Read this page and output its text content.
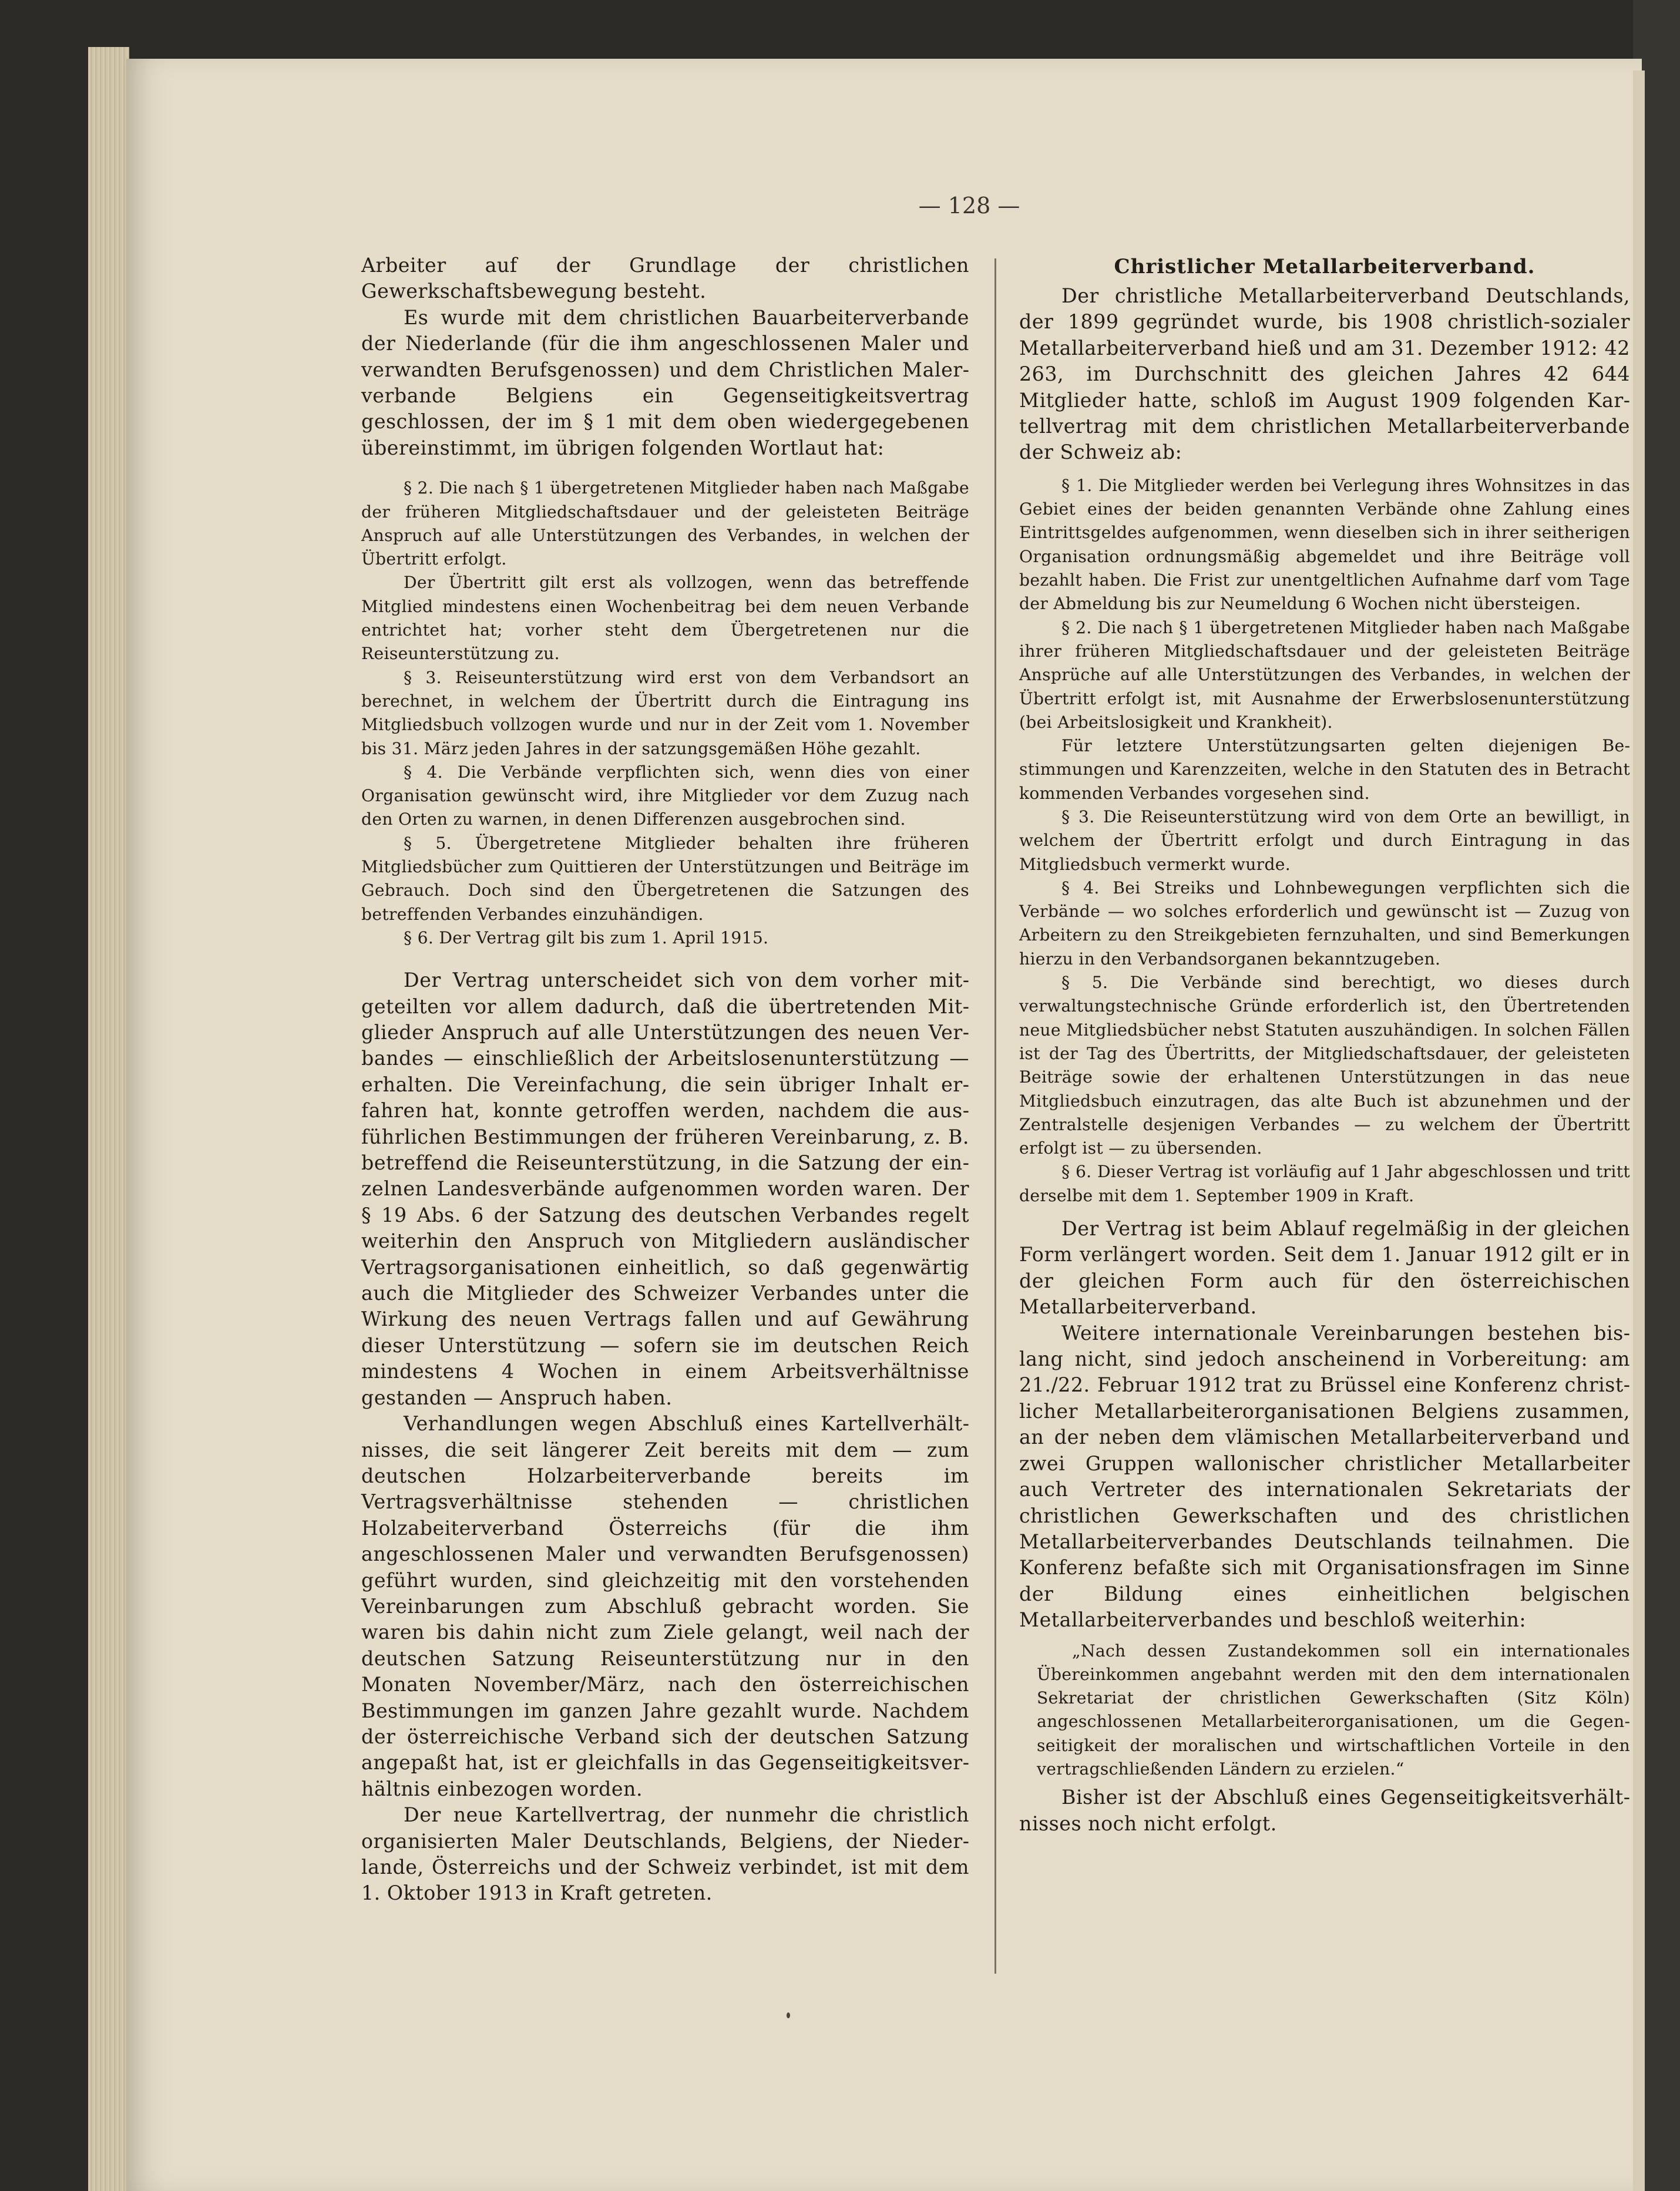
— 128 —

Arbeiter auf der Grundlage der christlichen Gewerkschaftsbewegung besteht.

Es wurde mit dem christlichen Bauarbeiterverbande der Niederlande (für die ihm angeschlossenen Maler und verwandten Berufsgenossen) und dem Christlichen Malerverbande Belgiens ein Gegenseitigkeitsvertrag geschlossen, der im § 1 mit dem oben wiedergegebenen übereinstimmt, im übrigen folgenden Wortlaut hat:

§ 2. Die nach § 1 übergetretenen Mitglieder haben nach Maßgabe der früheren Mitgliedschaftsdauer und der geleisteten Beiträge Anspruch auf alle Unterstützungen des Verbandes, in welchen der Übertritt erfolgt.

Der Übertritt gilt erst als vollzogen, wenn das betreffende Mitglied mindestens einen Wochenbeitrag bei dem neuen Verbande entrichtet hat; vorher steht dem Übergetretenen nur die Reiseunterstützung zu.

§ 3. Reiseunterstützung wird erst von dem Verbandsort an berechnet, in welchem der Übertritt durch die Eintragung ins Mitgliedsbuch vollzogen wurde und nur in der Zeit vom 1. November bis 31. März jeden Jahres in der satzungsgemäßen Höhe gezahlt.

§ 4. Die Verbände verpflichten sich, wenn dies von einer Organisation gewünscht wird, ihre Mitglieder vor dem Zuzug nach den Orten zu warnen, in denen Differenzen ausgebrochen sind.

§ 5. Übergetretene Mitglieder behalten ihre früheren Mitgliedsbücher zum Quittieren der Unterstützungen und Beiträge im Gebrauch. Doch sind den Übergetretenen die Satzungen des betreffenden Verbandes einzuhändigen.

§ 6. Der Vertrag gilt bis zum 1. April 1915.

Der Vertrag unterscheidet sich von dem vorher mitgeteilten vor allem dadurch, daß die übertretenden Mitglieder Anspruch auf alle Unterstützungen des neuen Verbandes — einschließlich der Arbeitslosenunterstützung — erhalten. Die Vereinfachung, die sein übriger Inhalt erfahren hat, konnte getroffen werden, nachdem die ausführlichen Bestimmungen der früheren Vereinbarung, z. B. betreffend die Reiseunterstützung, in die Satzung der einzelnen Landesverbände aufgenommen worden waren. Der § 19 Abs. 6 der Satzung des deutschen Verbandes regelt weiterhin den Anspruch von Mitgliedern ausländischer Vertragsorganisationen einheitlich, so daß gegenwärtig auch die Mitglieder des Schweizer Verbandes unter die Wirkung des neuen Vertrags fallen und auf Gewährung dieser Unterstützung — sofern sie im deutschen Reich mindestens 4 Wochen in einem Arbeitsverhältnisse gestanden — Anspruch haben.

Verhandlungen wegen Abschluß eines Kartellverhältnisses, die seit längerer Zeit bereits mit dem — zum deutschen Holzarbeiterverbande bereits im Vertragsverhältnisse stehenden — christlichen Holzabeiterverband Österreichs (für die ihm angeschlossenen Maler und verwandten Berufsgenossen) geführt wurden, sind gleichzeitig mit den vorstehenden Vereinbarungen zum Abschluß gebracht worden. Sie waren bis dahin nicht zum Ziele gelangt, weil nach der deutschen Satzung Reiseunterstützung nur in den Monaten November/März, nach den österreichischen Bestimmungen im ganzen Jahre gezahlt wurde. Nachdem der österreichische Verband sich der deutschen Satzung angepaßt hat, ist er gleichfalls in das Gegenseitigkeitsverhältnis einbezogen worden.

Der neue Kartellvertrag, der nunmehr die christlich organisierten Maler Deutschlands, Belgiens, der Niederlande, Österreichs und der Schweiz verbindet, ist mit dem 1. Oktober 1913 in Kraft getreten.

Christlicher Metallarbeiterverband.

Der christliche Metallarbeiterverband Deutschlands, der 1899 gegründet wurde, bis 1908 christlich-sozialer Metallarbeiterverband hieß und am 31. Dezember 1912: 42 263, im Durchschnitt des gleichen Jahres 42 644 Mitglieder hatte, schloß im August 1909 folgenden Kartellvertrag mit dem christlichen Metallarbeiterverbande der Schweiz ab:

§ 1. Die Mitglieder werden bei Verlegung ihres Wohnsitzes in das Gebiet eines der beiden genannten Verbände ohne Zahlung eines Eintrittsgeldes aufgenommen, wenn dieselben sich in ihrer seitherigen Organisation ordnungsmäßig abgemeldet und ihre Beiträge voll bezahlt haben. Die Frist zur unentgeltlichen Aufnahme darf vom Tage der Abmeldung bis zur Neumeldung 6 Wochen nicht übersteigen.

§ 2. Die nach § 1 übergetretenen Mitglieder haben nach Maßgabe ihrer früheren Mitgliedschaftsdauer und der geleisteten Beiträge Ansprüche auf alle Unterstützungen des Verbandes, in welchen der Übertritt erfolgt ist, mit Ausnahme der Erwerbslosenunterstützung (bei Arbeitslosigkeit und Krankheit).

Für letztere Unterstützungsarten gelten diejenigen Bestimmungen und Karenzzeiten, welche in den Statuten des in Betracht kommenden Verbandes vorgesehen sind.

§ 3. Die Reiseunterstützung wird von dem Orte an bewilligt, in welchem der Übertritt erfolgt und durch Eintragung in das Mitgliedsbuch vermerkt wurde.

§ 4. Bei Streiks und Lohnbewegungen verpflichten sich die Verbände — wo solches erforderlich und gewünscht ist — Zuzug von Arbeitern zu den Streikgebieten fernzuhalten, und sind Bemerkungen hierzu in den Verbandsorganen bekanntzugeben.

§ 5. Die Verbände sind berechtigt, wo dieses durch verwaltungstechnische Gründe erforderlich ist, den Übertretenden neue Mitgliedsbücher nebst Statuten auszuhändigen. In solchen Fällen ist der Tag des Übertritts, der Mitgliedschaftsdauer, der geleisteten Beiträge sowie der erhaltenen Unterstützungen in das neue Mitgliedsbuch einzutragen, das alte Buch ist abzunehmen und der Zentralstelle desjenigen Verbandes — zu welchem der Übertritt erfolgt ist — zu übersenden.

§ 6. Dieser Vertrag ist vorläufig auf 1 Jahr abgeschlossen und tritt derselbe mit dem 1. September 1909 in Kraft.

Der Vertrag ist beim Ablauf regelmäßig in der gleichen Form verlängert worden. Seit dem 1. Januar 1912 gilt er in der gleichen Form auch für den österreichischen Metallarbeiterverband.

Weitere internationale Vereinbarungen bestehen bislang nicht, sind jedoch anscheinend in Vorbereitung: am 21./22. Februar 1912 trat zu Brüssel eine Konferenz christlicher Metallarbeiterorganisationen Belgiens zusammen, an der neben dem vlämischen Metallarbeiterverband und zwei Gruppen wallonischer christlicher Metallarbeiter auch Vertreter des internationalen Sekretariats der christlichen Gewerkschaften und des christlichen Metallarbeiterverbandes Deutschlands teilnahmen. Die Konferenz befaßte sich mit Organisationsfragen im Sinne der Bildung eines einheitlichen belgischen Metallarbeiterverbandes und beschloß weiterhin:

„Nach dessen Zustandekommen soll ein internationales Übereinkommen angebahnt werden mit den dem internationalen Sekretariat der christlichen Gewerkschaften (Sitz Köln) angeschlossenen Metallarbeiterorganisationen, um die Gegenseitigkeit der moralischen und wirtschaftlichen Vorteile in den vertragschließenden Ländern zu erzielen.“

Bisher ist der Abschluß eines Gegenseitigkeitsverhältnisses noch nicht erfolgt.
